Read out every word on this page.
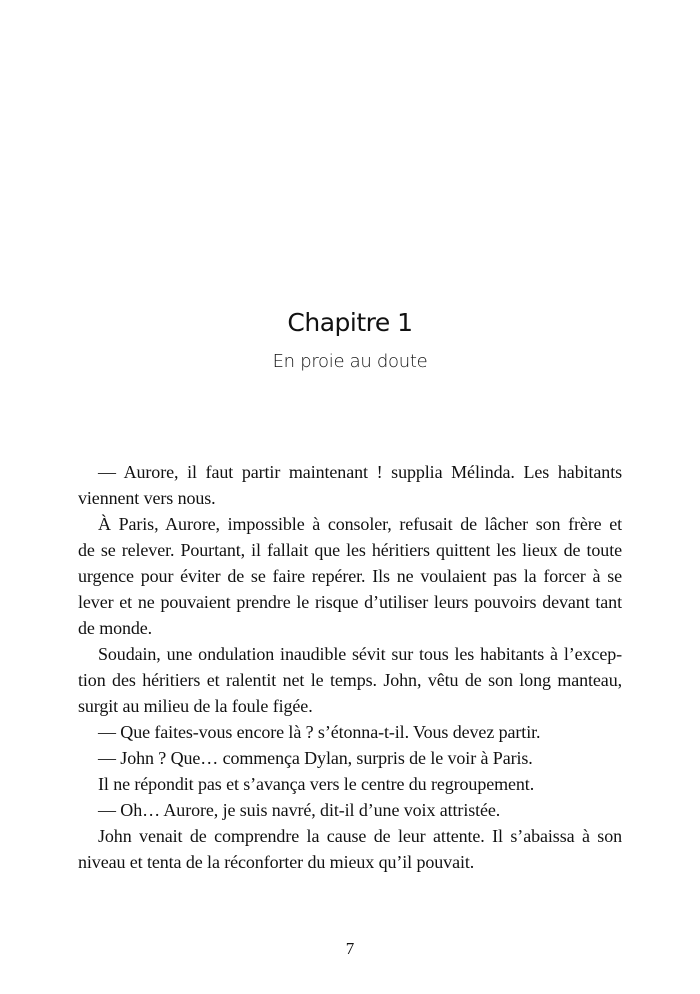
Chapitre 1
En proie au doute
— Aurore, il faut partir maintenant ! supplia Mélinda. Les habitants
viennent vers nous.
À Paris, Aurore, impossible à consoler, refusait de lâcher son frère et
de se relever. Pourtant, il fallait que les héritiers quittent les lieux de toute
urgence pour éviter de se faire repérer. Ils ne voulaient pas la forcer à se
lever et ne pouvaient prendre le risque d’utiliser leurs pouvoirs devant tant
de monde.
Soudain, une ondulation inaudible sévit sur tous les habitants à l’excep-
tion des héritiers et ralentit net le temps. John, vêtu de son long manteau,
surgit au milieu de la foule figée.
— Que faites-vous encore là ? s’étonna-t-il. Vous devez partir.
— John ? Que… commença Dylan, surpris de le voir à Paris.
Il ne répondit pas et s’avança vers le centre du regroupement.
— Oh… Aurore, je suis navré, dit-il d’une voix attristée.
John venait de comprendre la cause de leur attente. Il s’abaissa à son
niveau et tenta de la réconforter du mieux qu’il pouvait.
7
